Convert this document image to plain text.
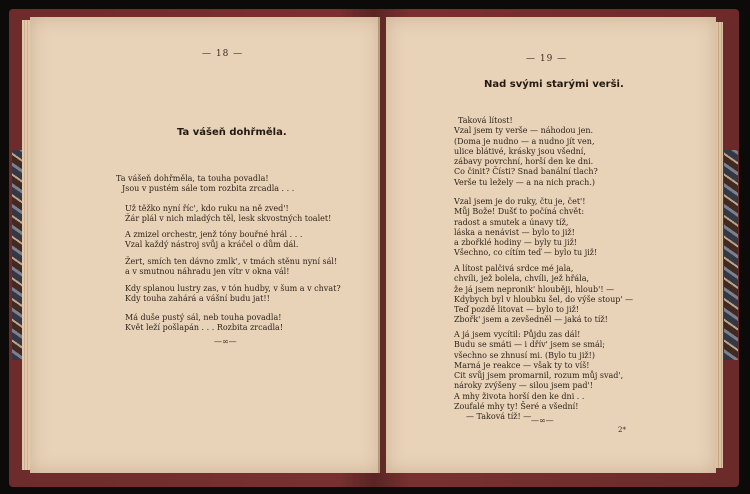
— 18 —
Ta vášeň dohřměla.
Ta vášeň dohřměla, ta touha povadla!
Jsou v pustém sále tom rozbita zrcadla . . .
Už těžko nyní říc', kdo ruku na ně zved'!
Žár plál v nich mladých těl, lesk skvostných toalet!
A zmizel orchestr, jenž tóny bouřné hrál . . .
Vzal každý nástroj svůj a kráčel o dům dál.
Žert, smích ten dávno zmlk', v tmách stěnu nyní sál!
a v smutnou náhradu jen vítr v okna vál!
Kdy splanou lustry zas, v tón hudby, v šum a v chvat?
Kdy touha zahárá a vášní budu jat!!
Má duše pustý sál, neb touha povadla!
Květ leží pošlapán . . . Rozbita zrcadla!
—∞—
— 19 —
Nad svými starými verši.
Taková lítost!
Vzal jsem ty verše — náhodou jen.
(Doma je nudno — a nudno jít ven,
ulice blátivé, krásky jsou všední,
zábavy povrchní, horší den ke dni.
Co činit? Čísti? Snad banální tlach?
Verše tu ležely — a na nich prach.)
Vzal jsem je do ruky, čtu je, čet'!
Můj Bože! Dušť to počíná chvět:
radost a smutek a únavy tíž,
láska a nenávist — bylo to již!
a zbořklé hodiny — byly tu již!
Všechno, co cítím teď — bylo tu již!
A lítost palčivá srdce mé jala,
chvíli, jež bolela, chvíli, jež hřála,
že já jsem nepronik' hlouběji, hloub'! —
Kdybych byl v hloubku šel, do výše stoup' —
Teď pozdě litovat — bylo to již!
Zbořk' jsem a zevšedněl — jaká to tíž!
A já jsem vycítil: Půjdu zas dál!
Budu se smáti — i dřív' jsem se smál;
všechno se zhnusí mi. (Bylo tu již!)
Marná je reakce — však ty to víš!
Cit svůj jsem promarnil, rozum můj svad',
nároky zvýšeny — silou jsem pad'!
A mhy života horší den ke dni . .
Zoufalé mhy ty! Šeré a všední!
— Taková tíž! — —∞—
2*
